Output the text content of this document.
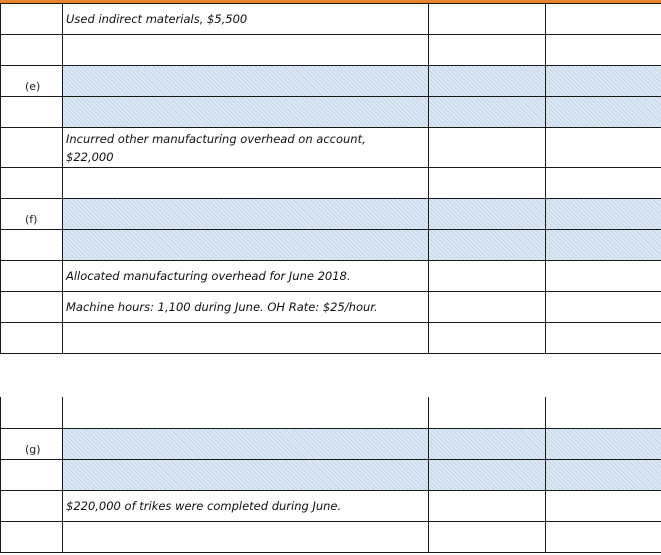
	Used indirect materials, $5,500		

(e)			

	Incurred other manufacturing overhead on account,
$22,000		

(f)			

	Allocated manufacturing overhead for June 2018.		
	Machine hours: 1,100 during June. OH Rate: $25/hour.		

(g)			

	$220,000 of trikes were completed during June.		
